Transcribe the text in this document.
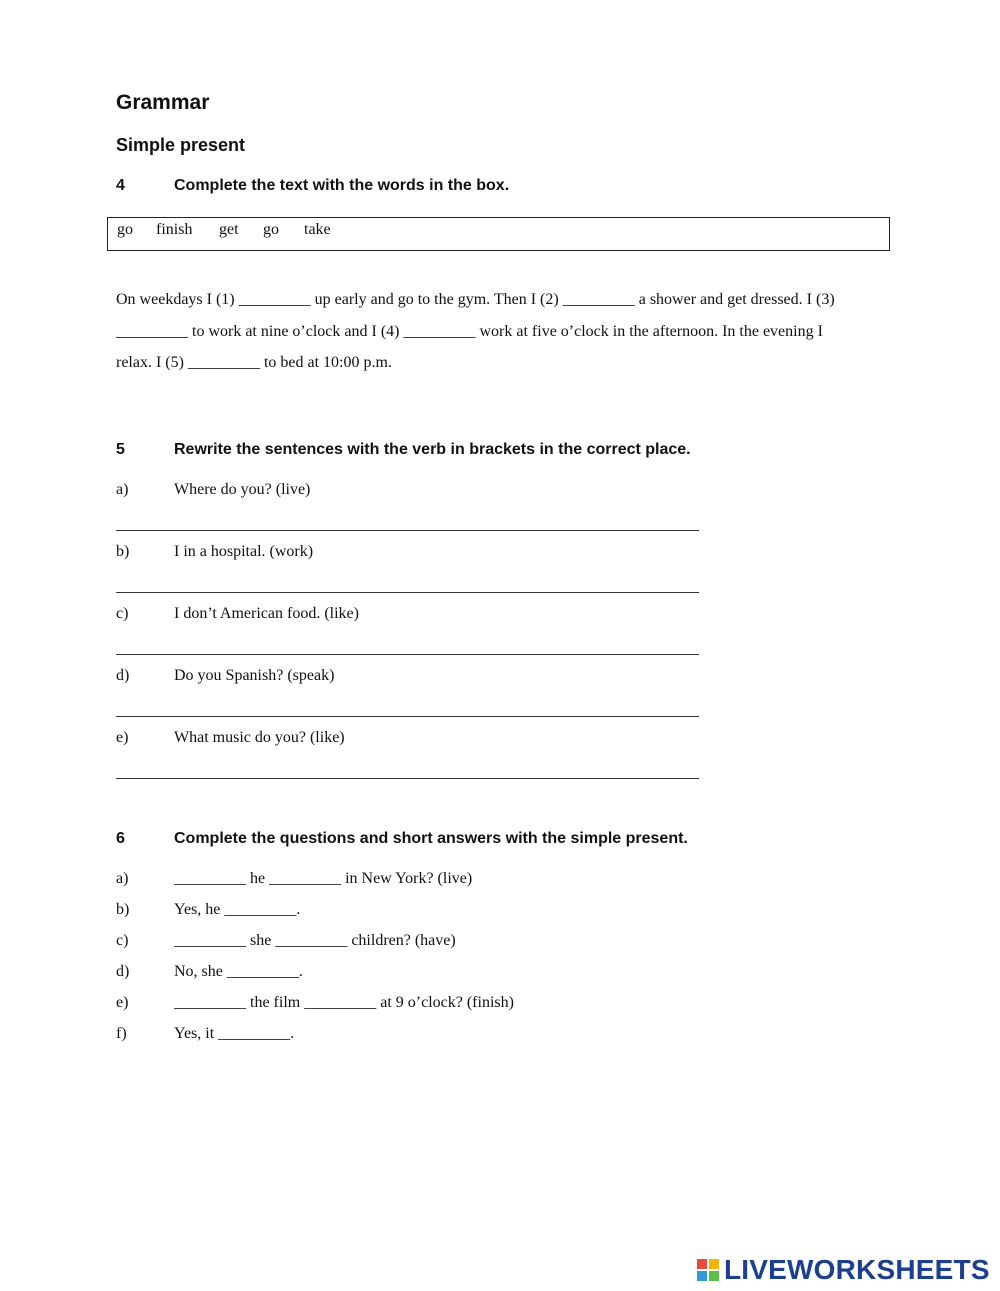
Grammar
Simple present
4	Complete the text with the words in the box.
go finish get go take
On weekdays I (1) _________ up early and go to the gym. Then I (2) _________ a shower and get dressed. I (3) _________ to work at nine o’clock and I (4) _________ work at five o’clock in the afternoon. In the evening I relax. I (5) _________ to bed at 10:00 p.m.
5	Rewrite the sentences with the verb in brackets in the correct place.
a)	Where do you? (live)
b)	I in a hospital. (work)
c)	I don’t American food. (like)
d)	Do you Spanish? (speak)
e)	What music do you? (like)
6	Complete the questions and short answers with the simple present.
a)	_________ he _________ in New York? (live)
b)	Yes, he _________.
c)	_________ she _________ children? (have)
d)	No, she _________.
e)	_________ the film _________ at 9 o’clock? (finish)
f)	Yes, it _________.
LIVEWORKSHEETS
